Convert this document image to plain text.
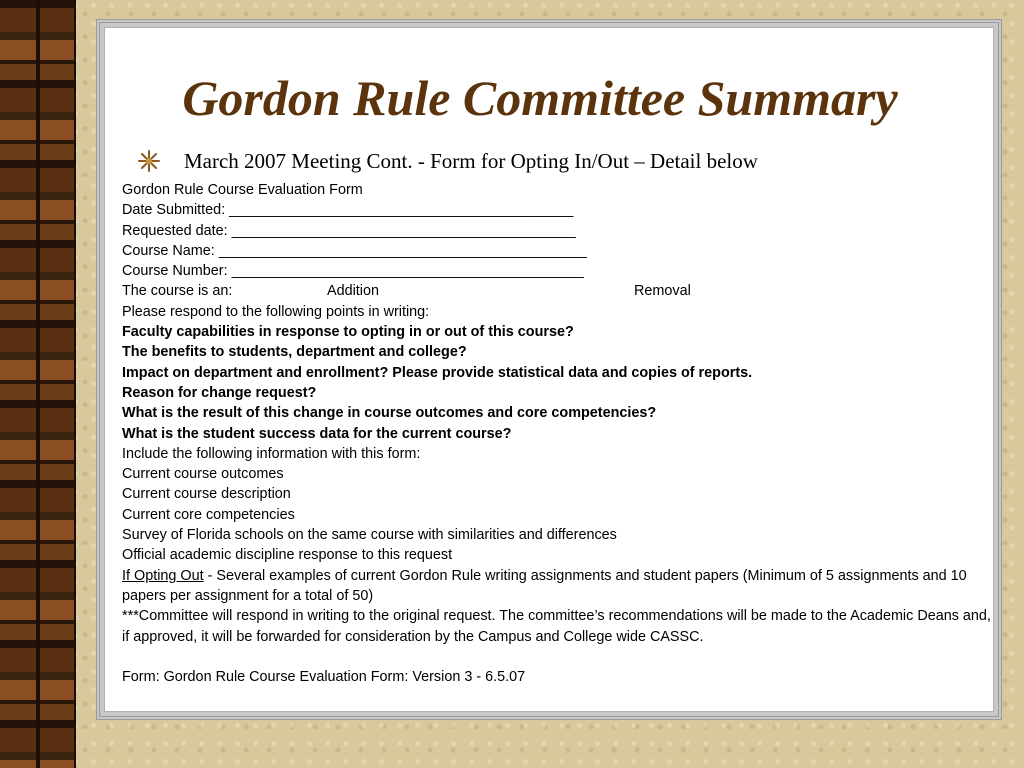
Gordon Rule Committee Summary
March 2007 Meeting Cont. - Form for Opting In/Out – Detail below
Gordon Rule Course Evaluation Form
Date Submitted: ___________________________________________
Requested date: ___________________________________________
Course Name: ______________________________________________
Course Number: ____________________________________________
The course is an:	Addition	Removal
Please respond to the following points in writing:
Faculty capabilities in response to opting in or out of this course?
The benefits to students, department and college?
Impact on department and enrollment? Please provide statistical data and copies of reports.
Reason for change request?
What is the result of this change in course outcomes and core competencies?
What is the student success data for the current course?
Include the following information with this form:
Current course outcomes
Current course description
Current core competencies
Survey of Florida schools on the same course with similarities and differences
Official academic discipline response to this request
If Opting Out - Several examples of current Gordon Rule writing assignments and student papers (Minimum of 5 assignments and 10 papers per assignment for a total of 50)
***Committee will respond in writing to the original request. The committee’s recommendations will be made to the Academic Deans and, if approved, it will be forwarded for consideration by the Campus and College wide CASSC.
Form: Gordon Rule Course Evaluation Form: Version 3 - 6.5.07
